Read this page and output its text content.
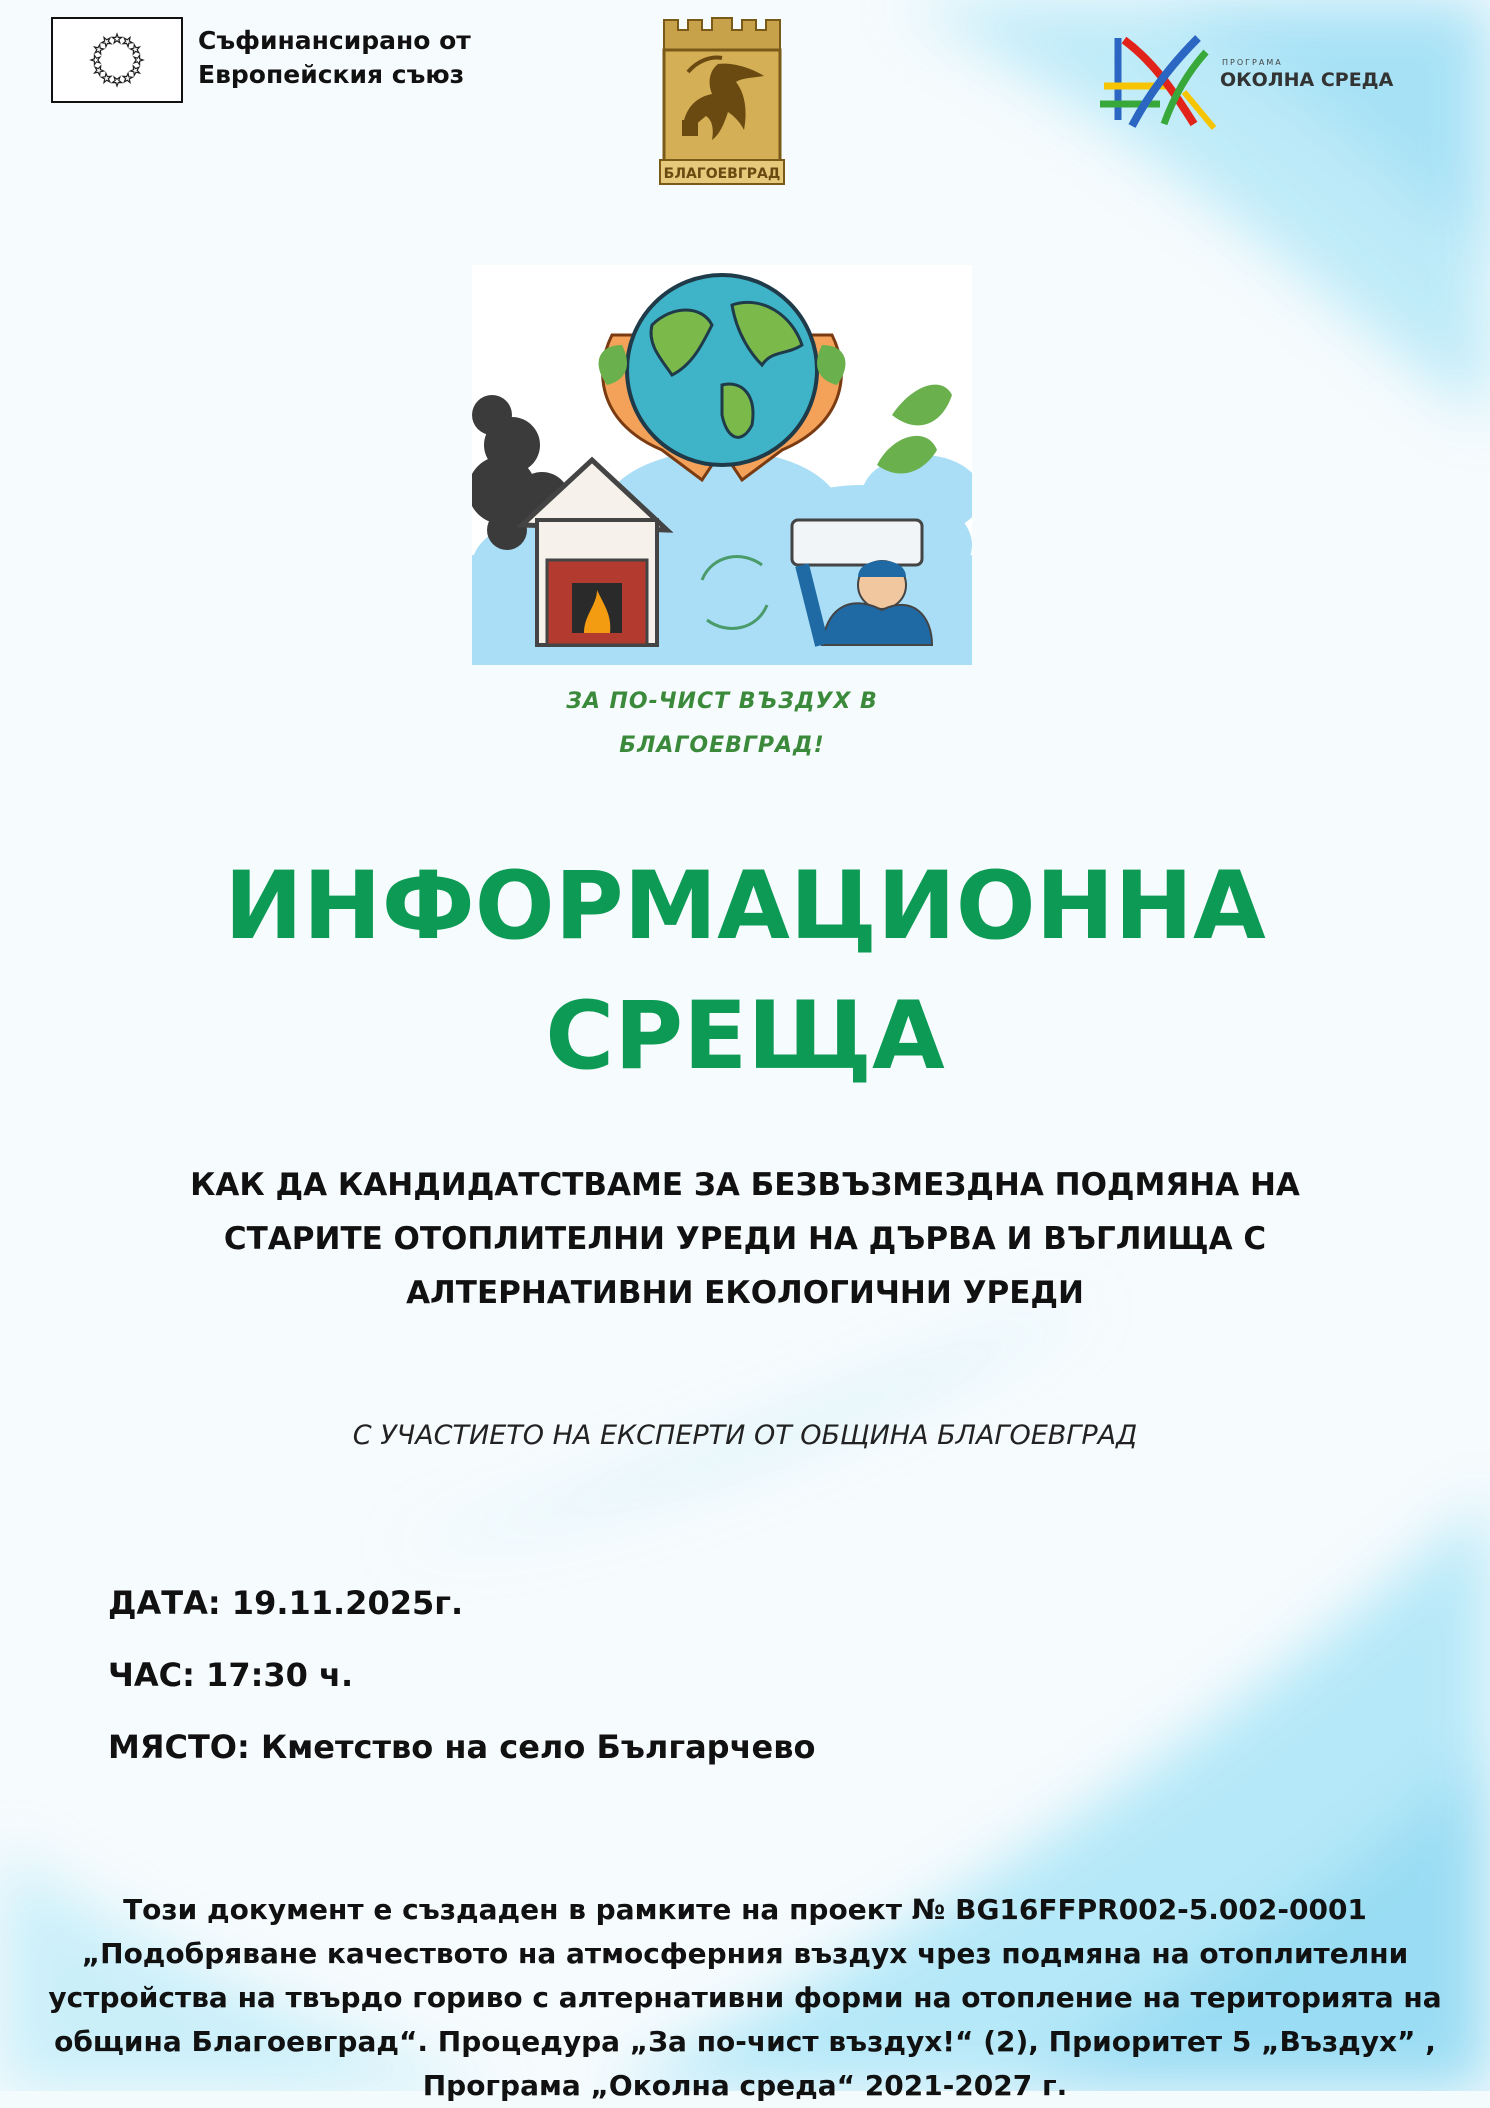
Съфинансирано от
Европейския съюз
БЛАГОЕВГРАД
ПРОГРАМА
ОКОЛНА СРЕДА
ЗА ПО-ЧИСТ ВЪЗДУХ В
БЛАГОЕВГРАД!
ИНФОРМАЦИОННА
СРЕЩА
КАК ДА КАНДИДАТСТВАМЕ ЗА БЕЗВЪЗМЕЗДНА ПОДМЯНА НА
СТАРИТЕ ОТОПЛИТЕЛНИ УРЕДИ НА ДЪРВА И ВЪГЛИЩА С
АЛТЕРНАТИВНИ ЕКОЛОГИЧНИ УРЕДИ
С УЧАСТИЕТО НА ЕКСПЕРТИ ОТ ОБЩИНА БЛАГОЕВГРАД
ДАТА: 19.11.2025г.
ЧАС: 17:30 ч.
МЯСТО: Кметство на село Българчево
Този документ е създаден в рамките на проект № BG16FFPR002-5.002-0001
„Подобряване качеството на атмосферния въздух чрез подмяна на отоплителни
устройства на твърдо гориво с алтернативни форми на отопление на територията на
община Благоевград“. Процедура „За по-чист въздух!“ (2), Приоритет 5 „Въздух” ,
Програма „Околна среда“ 2021-2027 г.
